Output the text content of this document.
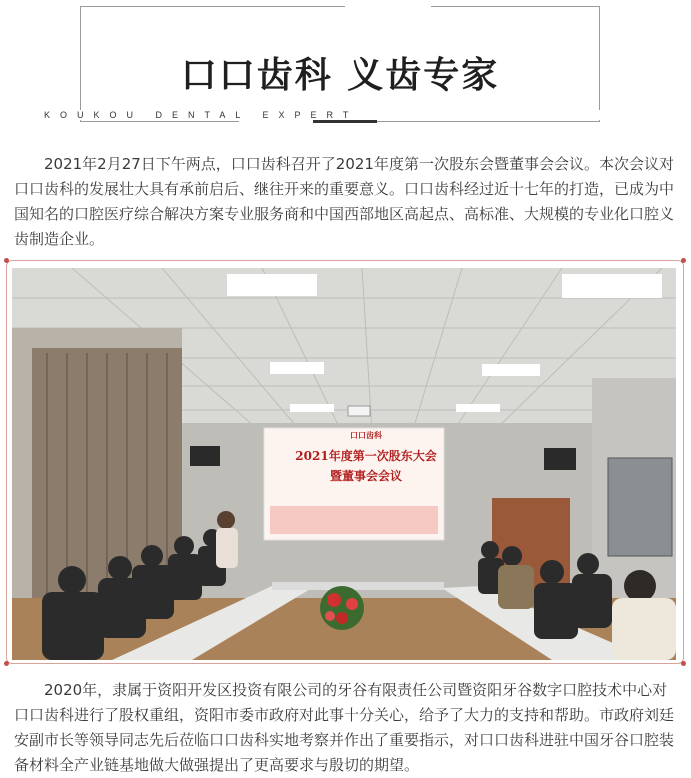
口口齿科 义齿专家
KOUKOU DENTAL EXPERT

2021年2月27日下午两点，口口齿科召开了2021年度第一次股东会暨董事会会议。本次会议对口口齿科的发展壮大具有承前启后、继往开来的重要意义。口口齿科经过近十七年的打造，已成为中国知名的口腔医疗综合解决方案专业服务商和中国西部地区高起点、高标准、大规模的专业化口腔义齿制造企业。

口口齿科
2021年度第一次股东大会
暨董事会会议

2020年，隶属于资阳开发区投资有限公司的牙谷有限责任公司暨资阳牙谷数字口腔技术中心对口口齿科进行了股权重组，资阳市委市政府对此事十分关心，给予了大力的支持和帮助。市政府刘廷安副市长等领导同志先后莅临口口齿科实地考察并作出了重要指示，对口口齿科进驻中国牙谷口腔装备材料全产业链基地做大做强提出了更高要求与殷切的期望。
